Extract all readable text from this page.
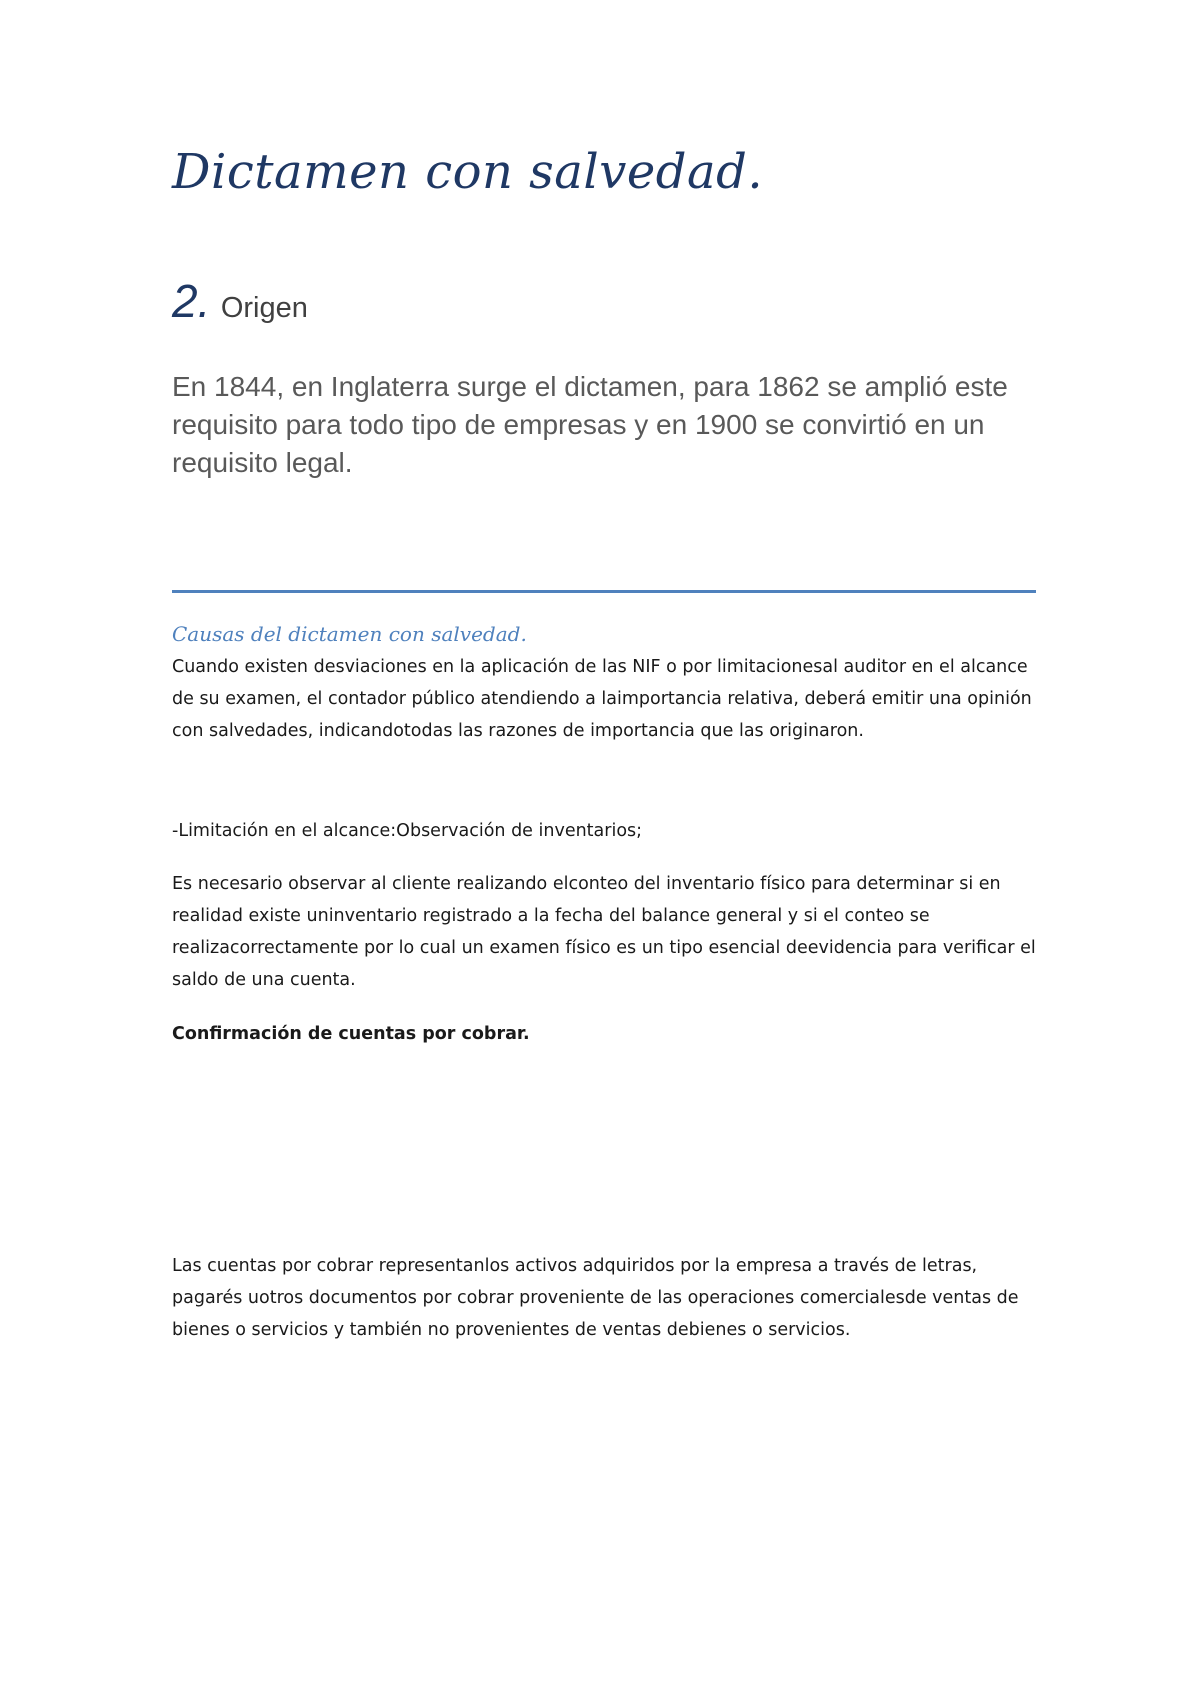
Dictamen con salvedad.
2. Origen
En 1844, en Inglaterra surge el dictamen, para 1862 se amplió este requisito para todo tipo de empresas y en 1900 se convirtió en un requisito legal.
Causas del dictamen con salvedad.
Cuando existen desviaciones en la aplicación de las NIF o por limitacionesal auditor en el alcance de su examen, el contador público atendiendo a laimportancia relativa, deberá emitir una opinión con salvedades, indicandotodas las razones de importancia que las originaron.
-Limitación en el alcance:Observación de inventarios;
Es necesario observar al cliente realizando elconteo del inventario físico para determinar si en realidad existe uninventario registrado a la fecha del balance general y si el conteo se realizacorrectamente por lo cual un examen físico es un tipo esencial deevidencia para verificar el saldo de una cuenta.
Confirmación de cuentas por cobrar.
Las cuentas por cobrar representanlos activos adquiridos por la empresa a través de letras, pagarés uotros documentos por cobrar proveniente de las operaciones comercialesde ventas de bienes o servicios y también no provenientes de ventas debienes o servicios.
